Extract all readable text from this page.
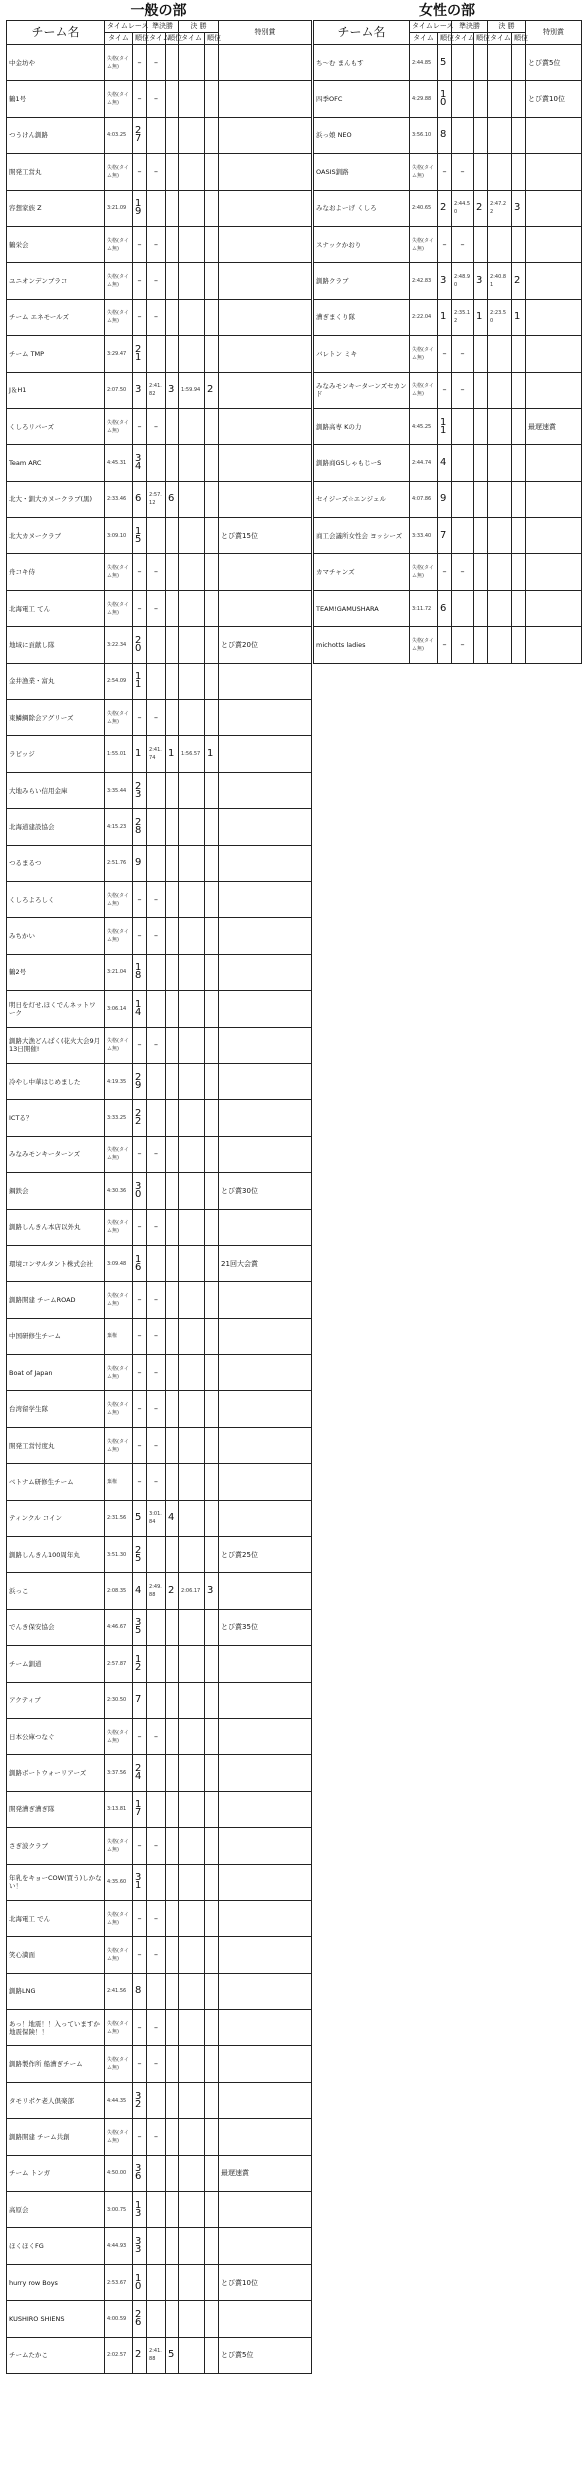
一般の部	女性の部
チーム名	タイムレース		準決勝		決 勝		特別賞
	タイム	順位	タイム	順位	タイム	順位	
中金坊や	失格(タイム無)	–	–				
鶴1号	失格(タイム無)	–	–				
つうけん釧路	4:03.25	27					
開発工営丸	失格(タイム無)	–	–				
容想家族 Z	3:21.09	19					
鶴栄会	失格(タイム無)	–	–				
ユニオンデンブラコ	失格(タイム無)	–	–				
チーム エネモールズ	失格(タイム無)	–	–				
チーム TMP	3:29.47	21					
J＆H1	2:07.50	3	2:41.82	3	1:59.94	2	
くしろリバーズ	失格(タイム無)	–	–				
Team ARC	4:45.31	34					
北大・釧大カヌークラブ(黒)	2:33.46	6	2:57.12	6			
北大カヌークラブ	3:09.10	15					とび賞15位
舟コキ侍	失格(タイム無)	–	–				
北海電工 てん	失格(タイム無)	–	–				
地域に貢献し隊	3:22.34	20					とび賞20位
金井漁業・富丸	2:54.09	11					
東鱗鯛除会アグリーズ	失格(タイム無)	–	–				
ラピッジ	1:55.01	1	2:41.74	1	1:56.57	1	
大地みらい信用金庫	3:35.44	23					
北海道建設協会	4:15.23	28					
つるまるつ	2:51.76	9					
くしろよろしく	失格(タイム無)	–	–				
みちかい	失格(タイム無)	–	–				
鶴2号	3:21.04	18					
明日を灯せ,ほくでんネットワーク	3:06.14	14					
釧路大漁どんぱく(花火大会9月13日開催!	失格(タイム無)	–	–				
冷やし中華はじめました	4:19.35	29					
ICTる？	3:33.25	22					
みなみモンキーターンズ	失格(タイム無)	–	–				
鋼鉄会	4:30.36	30					とび賞30位
釧路しんきん本店以外丸	失格(タイム無)	–	–				
環境コンサルタント株式会社	3:09.48	16					21回大会賞
釧路開建 チームROAD	失格(タイム無)	–	–				
中国研修生チーム	棄権	–	–				
Boat of Japan	失格(タイム無)	–	–				
台湾留学生隊	失格(タイム無)	–	–				
開発工営忖度丸	失格(タイム無)	–	–				
ベトナム研修生チーム	棄権	–	–				
ティンクル コイン	2:31.56	5	3:01.84	4			
釧路しんきん100周年丸	3:51.30	25					とび賞25位
浜っこ	2:08.35	4	2:49.88	2	2:06.17	3	
でんき保安協会	4:46.67	35					とび賞35位
チーム釧道	2:57.87	12					
アクティブ	2:30.50	7					
日本公庫つなぐ	失格(タイム無)	–	–				
釧路ボートウォーリアーズ	3:37.56	24					
開発漕ぎ漕ぎ隊	3:13.81	17					
さぎ波クラブ	失格(タイム無)	–	–				
年乳をキョーCOW(買う)しかない！	4:35.60	31					
北海電工 でん	失格(タイム無)	–	–				
笑心満面	失格(タイム無)	–	–				
釧路LNG	2:41.56	8					
あっ！地震！！入っていますか地震保険！！	失格(タイム無)	–	–				
釧路製作所 船漕ぎチーム	失格(タイム無)	–	–				
タモリポケ老人倶楽部	4:44.35	32					
釧路開建 チーム共創	失格(タイム無)	–	–				
チーム トンガ	4:50.00	36					最遅速賞
高原会	3:00.75	13					
ほくほくFG	4:44.93	33					
hurry row Boys	2:53.67	10					とび賞10位
KUSHIRO SHIENS	4:00.59	26					
チームたかこ	2:02.57	2	2:41.88	5			とび賞5位
チーム名	タイムレース		準決勝		決 勝		特別賞
	タイム	順位	タイム	順位	タイム	順位	
ち〜む まんもす	2:44.85	5					とび賞5位
四季OFC	4:29.88	10					とび賞10位
浜っ娘 NEO	3:56.10	8					
OASIS釧路	失格(タイム無)	–	–				
みなおよーげ くしろ	2:40.65	2	2:44.50	2	2:47.22	3	
スナックかおり	失格(タイム無)	–	–				
釧路クラブ	2:42.83	3	2:48.90	3	2:40.81	2	
漕ぎまくり隊	2:22.04	1	2:35.12	1	2:23.50	1	
バレトン ミキ	失格(タイム無)	–	–				
みなみモンキーターンズセカンド	失格(タイム無)	–	–				
釧路高専 Kの力	4:45.25	11					最遅速賞
釧路商GSしゃもじーS	2:44.74	4					
セイジーズ☆エンジェル	4:07.86	9					
商工会議所女性会 ヨッシーズ	3:33.40	7					
カマチャンズ	失格(タイム無)	–	–				
TEAM!GAMUSHARA	3:11.72	6					
michotts ladies	失格(タイム無)	–	–				
